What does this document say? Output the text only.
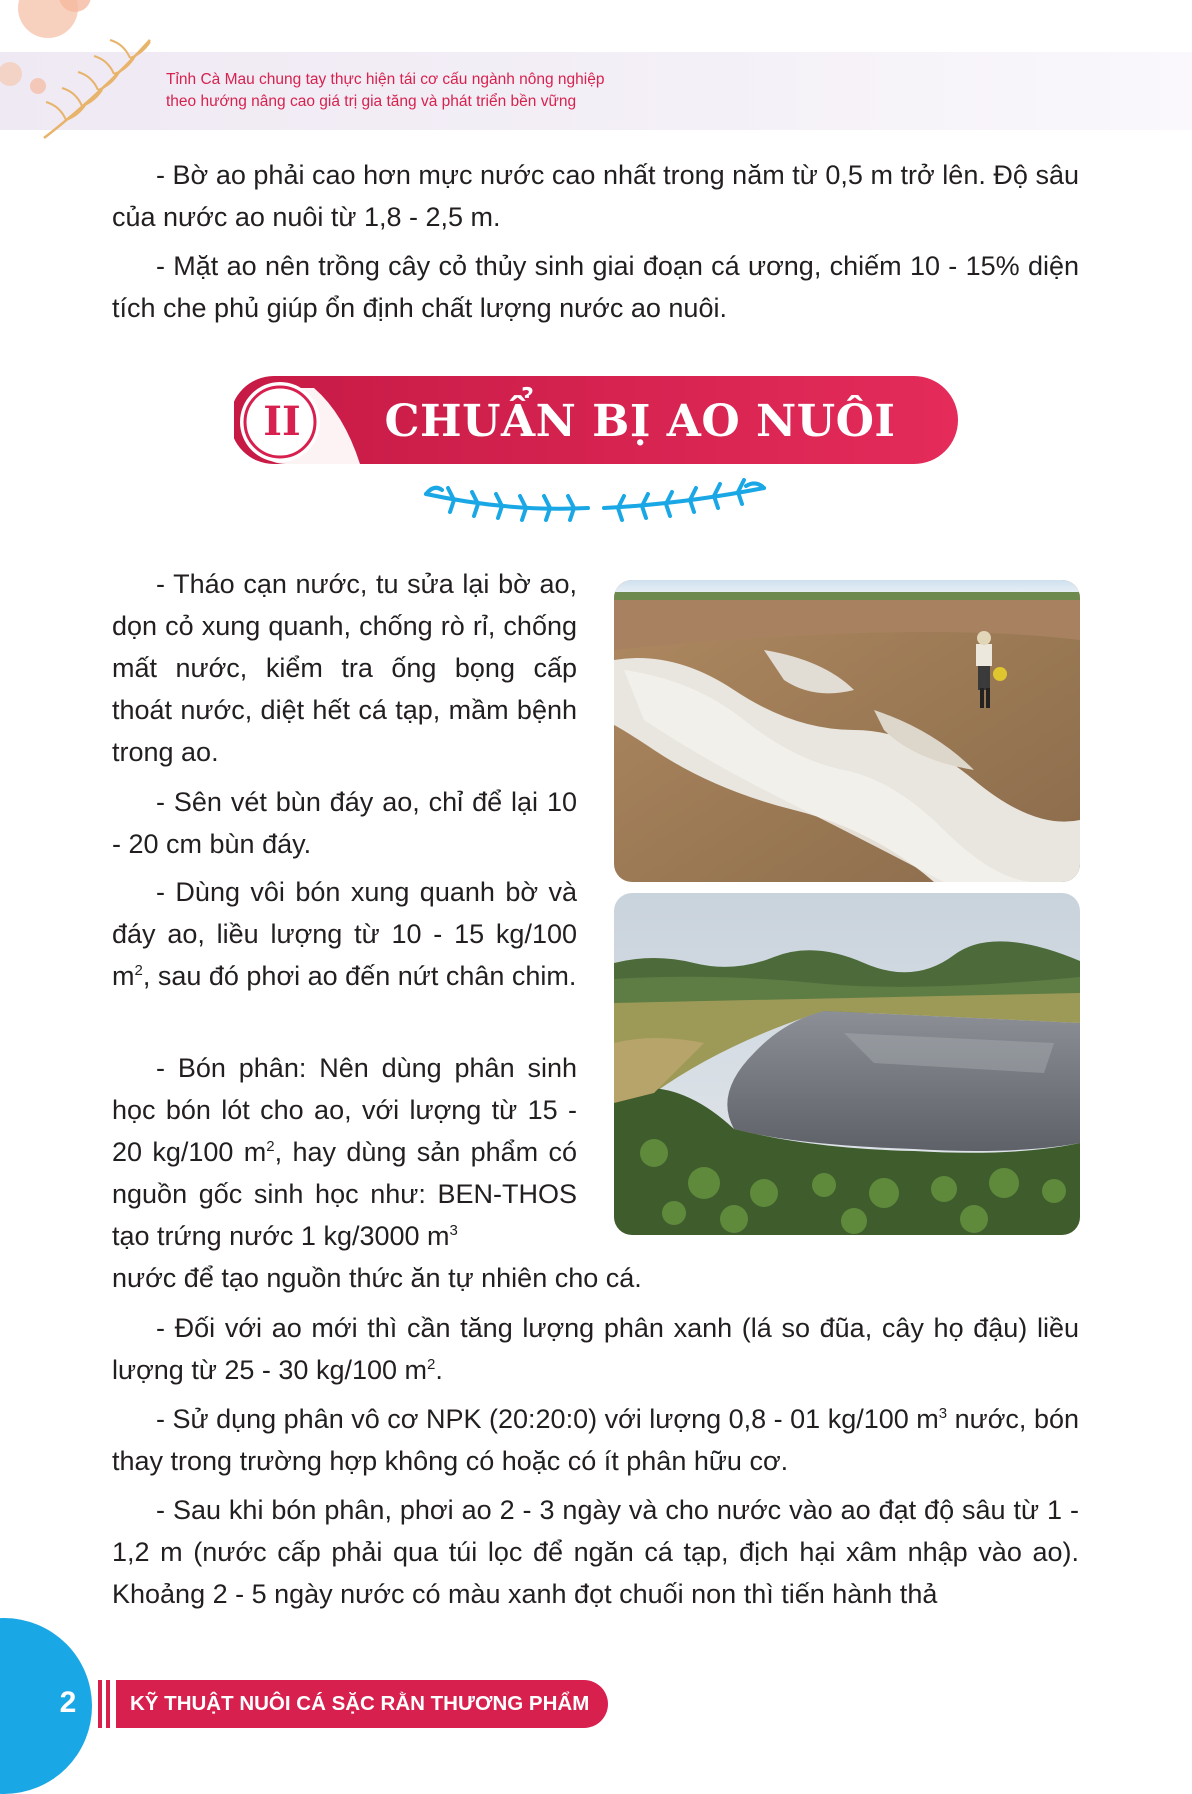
Tỉnh Cà Mau chung tay thực hiện tái cơ cấu ngành nông nghiệp
theo hướng nâng cao giá trị gia tăng và phát triển bền vững

- Bờ ao phải cao hơn mực nước cao nhất trong năm từ 0,5 m trở lên. Độ sâu của nước ao nuôi từ 1,8 - 2,5 m.

- Mặt ao nên trồng cây cỏ thủy sinh giai đoạn cá ương, chiếm 10 - 15% diện tích che phủ giúp ổn định chất lượng nước ao nuôi.

II	CHUẨN BỊ AO NUÔI

- Tháo cạn nước, tu sửa lại bờ ao, dọn cỏ xung quanh, chống rò rỉ, chống mất nước, kiểm tra ống bọng cấp thoát nước, diệt hết cá tạp, mầm bệnh trong ao.

- Sên vét bùn đáy ao, chỉ để lại 10 - 20 cm bùn đáy.

- Dùng vôi bón xung quanh bờ và đáy ao, liều lượng từ 10 - 15 kg/100 $m^2$, sau đó phơi ao đến nứt chân chim.

- Bón phân: Nên dùng phân sinh học bón lót cho ao, với lượng từ 15 - 20 kg/100 $m^2$, hay dùng sản phẩm có nguồn gốc sinh học như: BEN-THOS tạo trứng nước 1 kg/3000 $m^3$

nước để tạo nguồn thức ăn tự nhiên cho cá.

- Đối với ao mới thì cần tăng lượng phân xanh (lá so đũa, cây họ đậu) liều lượng từ 25 - 30 kg/100 $m^2$.

- Sử dụng phân vô cơ NPK (20:20:0) với lượng 0,8 - 01 kg/100 $m^3$ nước, bón thay trong trường hợp không có hoặc có ít phân hữu cơ.

- Sau khi bón phân, phơi ao 2 - 3 ngày và cho nước vào ao đạt độ sâu từ 1 - 1,2 m (nước cấp phải qua túi lọc để ngăn cá tạp, địch hại xâm nhập vào ao). Khoảng 2 - 5 ngày nước có màu xanh đọt chuối non thì tiến hành thả

2	KỸ THUẬT NUÔI CÁ SẶC RẰN THƯƠNG PHẨM
